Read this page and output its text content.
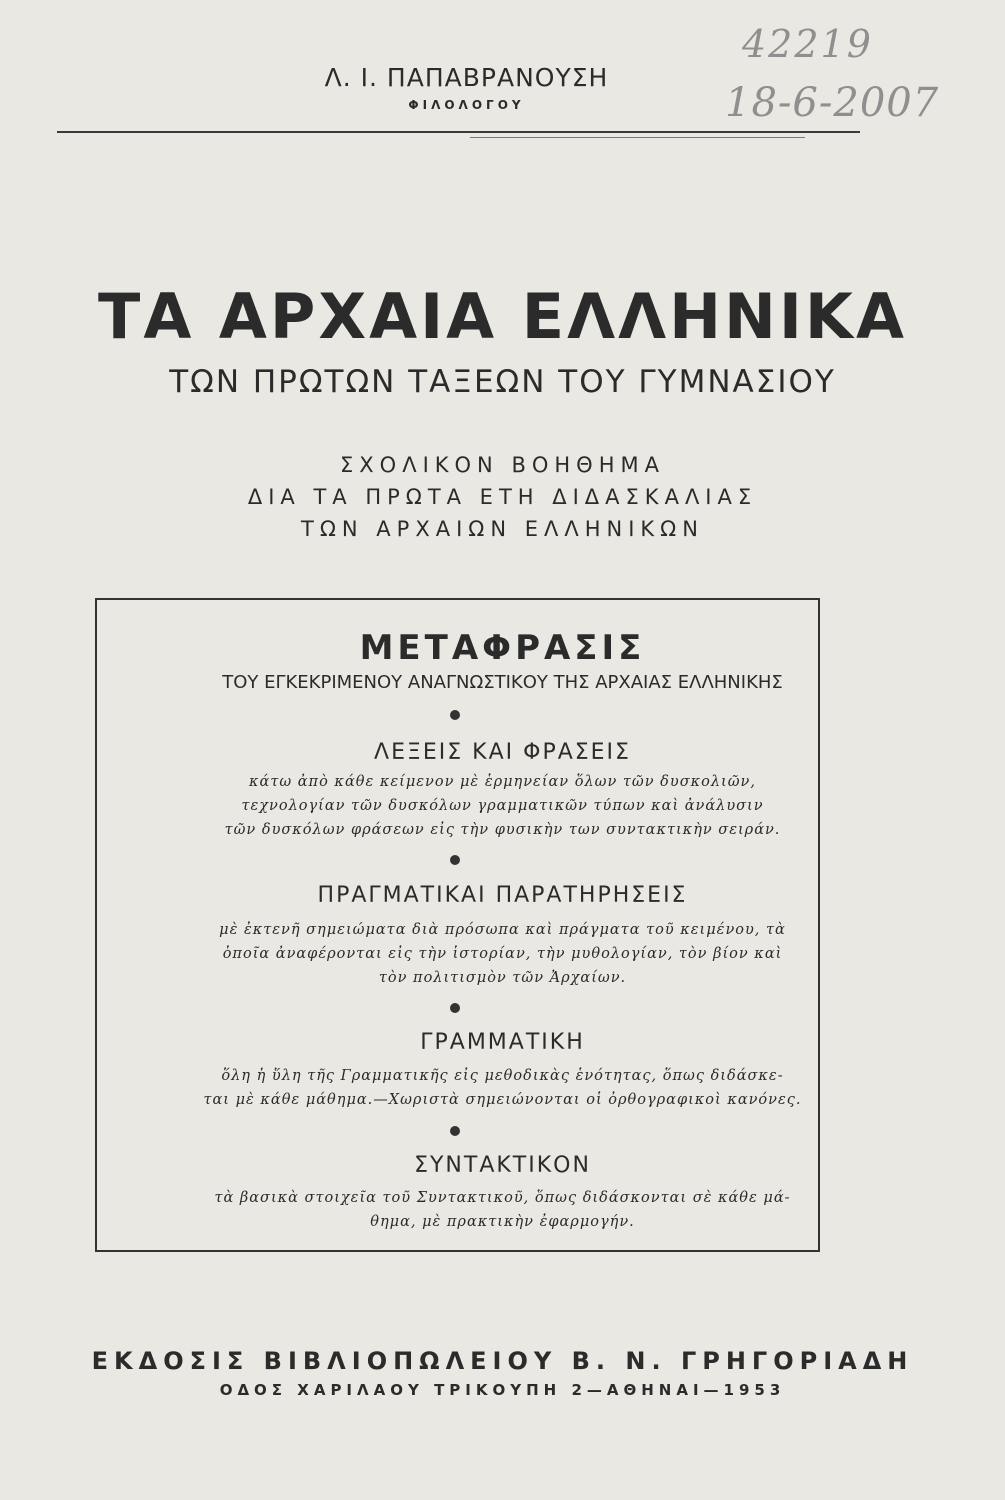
Λ. Ι. ΠΑΠΑΒΡΑΝΟΥΣΗ
ΦΙΛΟΛΟΓΟΥ
42219
18-6-2007
ΤΑ ΑΡΧΑΙΑ ΕΛΛΗΝΙΚΑ
ΤΩΝ ΠΡΩΤΩΝ ΤΑΞΕΩΝ ΤΟΥ ΓΥΜΝΑΣΙΟΥ
ΣΧΟΛΙΚΟΝ ΒΟΗΘΗΜΑ
ΔΙΑ ΤΑ ΠΡΩΤΑ ΕΤΗ ΔΙΔΑΣΚΑΛΙΑΣ
ΤΩΝ ΑΡΧΑΙΩΝ ΕΛΛΗΝΙΚΩΝ
ΜΕΤΑΦΡΑΣΙΣ
ΤΟΥ ΕΓΚΕΚΡΙΜΕΝΟΥ ΑΝΑΓΝΩΣΤΙΚΟΥ ΤΗΣ ΑΡΧΑΙΑΣ ΕΛΛΗΝΙΚΗΣ
ΛΕΞΕΙΣ ΚΑΙ ΦΡΑΣΕΙΣ
κάτω ἀπὸ κάθε κείμενον μὲ ἑρμηνείαν ὅλων τῶν δυσκολιῶν,
τεχνολογίαν τῶν δυσκόλων γραμματικῶν τύπων καὶ ἀνάλυσιν
τῶν δυσκόλων φράσεων εἰς τὴν φυσικὴν των συντακτικὴν σειράν.
ΠΡΑΓΜΑΤΙΚΑΙ ΠΑΡΑΤΗΡΗΣΕΙΣ
μὲ ἐκτενῆ σημειώματα διὰ πρόσωπα καὶ πράγματα τοῦ κειμένου, τὰ
ὁποῖα ἀναφέρονται εἰς τὴν ἱστορίαν, τὴν μυθολογίαν, τὸν βίον καὶ
τὸν πολιτισμὸν τῶν Ἀρχαίων.
ΓΡΑΜΜΑΤΙΚΗ
ὅλη ἡ ὕλη τῆς Γραμματικῆς εἰς μεθοδικὰς ἑνότητας, ὅπως διδάσκε-
ται μὲ κάθε μάθημα.—Χωριστὰ σημειώνονται οἱ ὀρθογραφικοὶ κανόνες.
ΣΥΝΤΑΚΤΙΚΟΝ
τὰ βασικὰ στοιχεῖα τοῦ Συντακτικοῦ, ὅπως διδάσκονται σὲ κάθε μά-
θημα, μὲ πρακτικὴν ἐφαρμογήν.
ΕΚΔΟΣΙΣ ΒΙΒΛΙΟΠΩΛΕΙΟΥ Β. Ν. ΓΡΗΓΟΡΙΑΔΗ
ΟΔΟΣ ΧΑΡΙΛΑΟΥ ΤΡΙΚΟΥΠΗ 2—ΑΘΗΝΑΙ—1953
